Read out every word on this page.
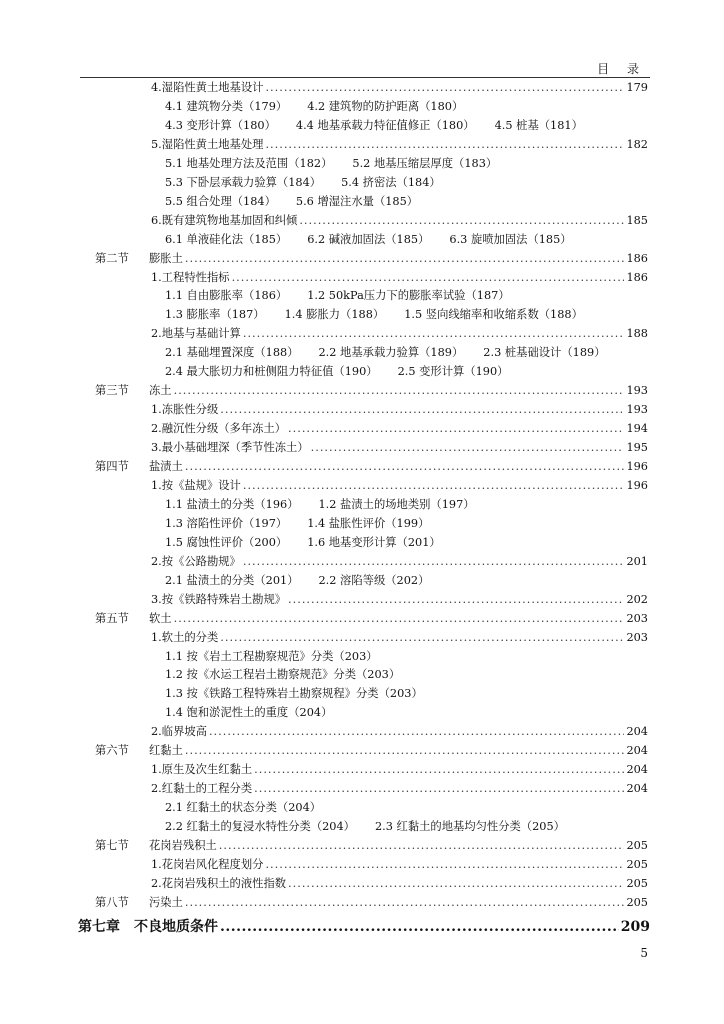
目 录
4.湿陷性黄土地基设计 .....	179
4.1 建筑物分类（179） 4.2 建筑物的防护距离（180）
4.3 变形计算（180） 4.4 地基承载力特征值修正（180） 4.5 桩基（181）
5.湿陷性黄土地基处理 .....	182
5.1 地基处理方法及范围（182） 5.2 地基压缩层厚度（183）
5.3 下卧层承载力验算（184） 5.4 挤密法（184）
5.5 组合处理（184） 5.6 增湿注水量（185）
6.既有建筑物地基加固和纠倾 .....	185
6.1 单液硅化法（185） 6.2 碱液加固法（185） 6.3 旋喷加固法（185）
第二节 膨胀土 .....	186
1.工程特性指标 .....	186
1.1 自由膨胀率（186） 1.2 50kPa压力下的膨胀率试验（187）
1.3 膨胀率（187） 1.4 膨胀力（188） 1.5 竖向线缩率和收缩系数（188）
2.地基与基础计算 .....	188
2.1 基础埋置深度（188） 2.2 地基承载力验算（189） 2.3 桩基础设计（189）
2.4 最大胀切力和桩侧阻力特征值（190） 2.5 变形计算（190）
第三节 冻土 .....	193
1.冻胀性分级 .....	193
2.融沉性分级（多年冻土） .....	194
3.最小基础埋深（季节性冻土） .....	195
第四节 盐渍土 .....	196
1.按《盐规》设计 .....	196
1.1 盐渍土的分类（196） 1.2 盐渍土的场地类别（197）
1.3 溶陷性评价（197） 1.4 盐胀性评价（199）
1.5 腐蚀性评价（200） 1.6 地基变形计算（201）
2.按《公路勘规》 .....	201
2.1 盐渍土的分类（201） 2.2 溶陷等级（202）
3.按《铁路特殊岩土勘规》 .....	202
第五节 软土 .....	203
1.软土的分类 .....	203
1.1 按《岩土工程勘察规范》分类（203）
1.2 按《水运工程岩土勘察规范》分类（203）
1.3 按《铁路工程特殊岩土勘察规程》分类（203）
1.4 饱和淤泥性土的重度（204）
2.临界坡高 .....	204
第六节 红黏土 .....	204
1.原生及次生红黏土 .....	204
2.红黏土的工程分类 .....	204
2.1 红黏土的状态分类（204）
2.2 红黏土的复浸水特性分类（204） 2.3 红黏土的地基均匀性分类（205）
第七节 花岗岩残积土 .....	205
1.花岗岩风化程度划分 .....	205
2.花岗岩残积土的液性指数 .....	205
第八节 污染土 .....	205
5
第七章 不良地质条件 .....	209
